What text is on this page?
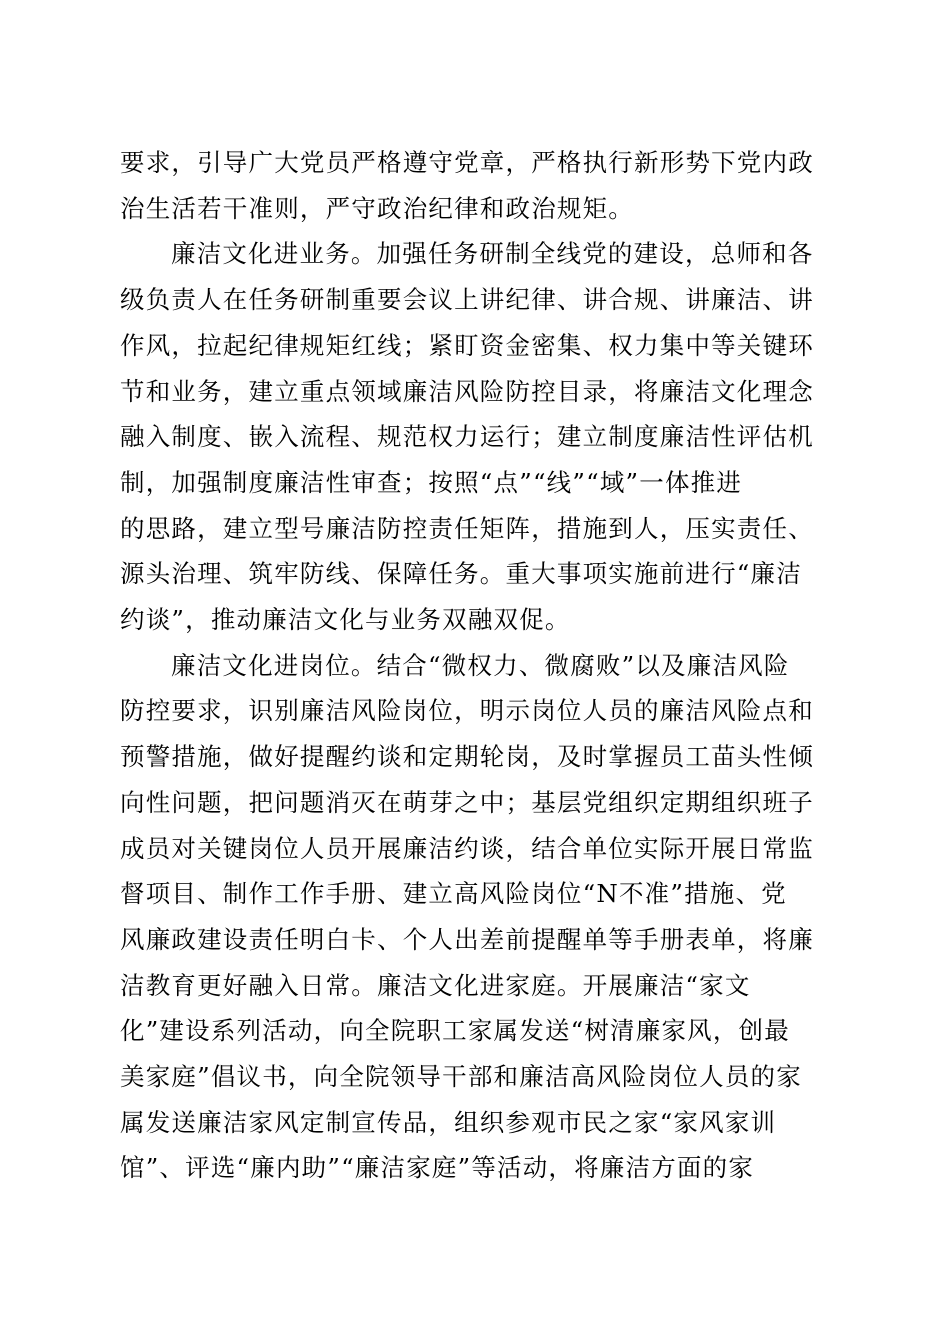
要求，引导广大党员严格遵守党章，严格执行新形势下党内政
治生活若干准则，严守政治纪律和政治规矩。

廉洁文化进业务。加强任务研制全线党的建设，总师和各
级负责人在任务研制重要会议上讲纪律、讲合规、讲廉洁、讲
作风，拉起纪律规矩红线；紧盯资金密集、权力集中等关键环
节和业务，建立重点领域廉洁风险防控目录，将廉洁文化理念
融入制度、嵌入流程、规范权力运行；建立制度廉洁性评估机
制，加强制度廉洁性审查；按照“点”“线”“域”一体推进
的思路，建立型号廉洁防控责任矩阵，措施到人，压实责任、
源头治理、筑牢防线、保障任务。重大事项实施前进行“廉洁
约谈”，推动廉洁文化与业务双融双促。

廉洁文化进岗位。结合“微权力、微腐败”以及廉洁风险
防控要求，识别廉洁风险岗位，明示岗位人员的廉洁风险点和
预警措施，做好提醒约谈和定期轮岗，及时掌握员工苗头性倾
向性问题，把问题消灭在萌芽之中；基层党组织定期组织班子
成员对关键岗位人员开展廉洁约谈，结合单位实际开展日常监
督项目、制作工作手册、建立高风险岗位“N不准”措施、党
风廉政建设责任明白卡、个人出差前提醒单等手册表单，将廉
洁教育更好融入日常。廉洁文化进家庭。开展廉洁“家文
化”建设系列活动，向全院职工家属发送“树清廉家风，创最
美家庭”倡议书，向全院领导干部和廉洁高风险岗位人员的家
属发送廉洁家风定制宣传品，组织参观市民之家“家风家训
馆”、评选“廉内助”“廉洁家庭”等活动，将廉洁方面的家
